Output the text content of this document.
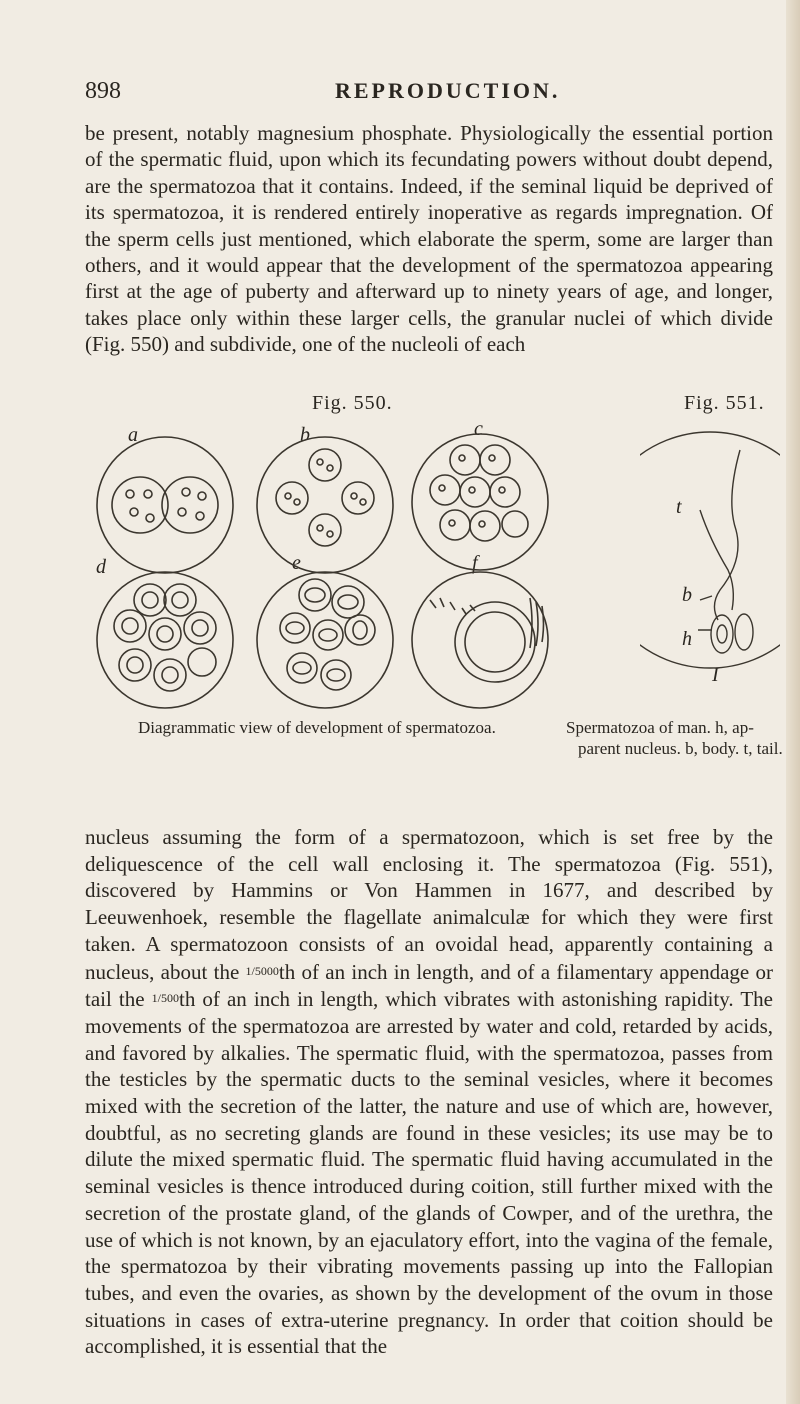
898	REPRODUCTION.

be present, notably magnesium phosphate. Physiologically the essential portion of the spermatic fluid, upon which its fecundating powers without doubt depend, are the spermatozoa that it contains. Indeed, if the seminal liquid be deprived of its spermatozoa, it is rendered entirely inoperative as regards impregnation. Of the sperm cells just mentioned, which elaborate the sperm, some are larger than others, and it would appear that the development of the spermatozoa appearing first at the age of puberty and afterward up to ninety years of age, and longer, takes place only within these larger cells, the granular nuclei of which divide (Fig. 550) and subdivide, one of the nucleoli of each

Fig. 550.
a	b	c
d	e	f
Diagrammatic view of development of spermatozoa.
Fig. 551.
t
b
h
I
Spermatozoa of man. h, ap-
parent nucleus. b, body. t, tail.

nucleus assuming the form of a spermatozoon, which is set free by the deliquescence of the cell wall enclosing it. The spermatozoa (Fig. 551), discovered by Hammins or Von Hammen in 1677, and described by Leeuwenhoek, resemble the flagellate animalculæ for which they were first taken. A spermatozoon consists of an ovoidal head, apparently containing a nucleus, about the 1/5000th of an inch in length, and of a filamentary appendage or tail the 1/500th of an inch in length, which vibrates with astonishing rapidity. The movements of the spermatozoa are arrested by water and cold, retarded by acids, and favored by alkalies. The spermatic fluid, with the spermatozoa, passes from the testicles by the spermatic ducts to the seminal vesicles, where it becomes mixed with the secretion of the latter, the nature and use of which are, however, doubtful, as no secreting glands are found in these vesicles; its use may be to dilute the mixed spermatic fluid. The spermatic fluid having accumulated in the seminal vesicles is thence introduced during coition, still further mixed with the secretion of the prostate gland, of the glands of Cowper, and of the urethra, the use of which is not known, by an ejaculatory effort, into the vagina of the female, the spermatozoa by their vibrating movements passing up into the Fallopian tubes, and even the ovaries, as shown by the development of the ovum in those situations in cases of extra-uterine pregnancy. In order that coition should be accomplished, it is essential that the
